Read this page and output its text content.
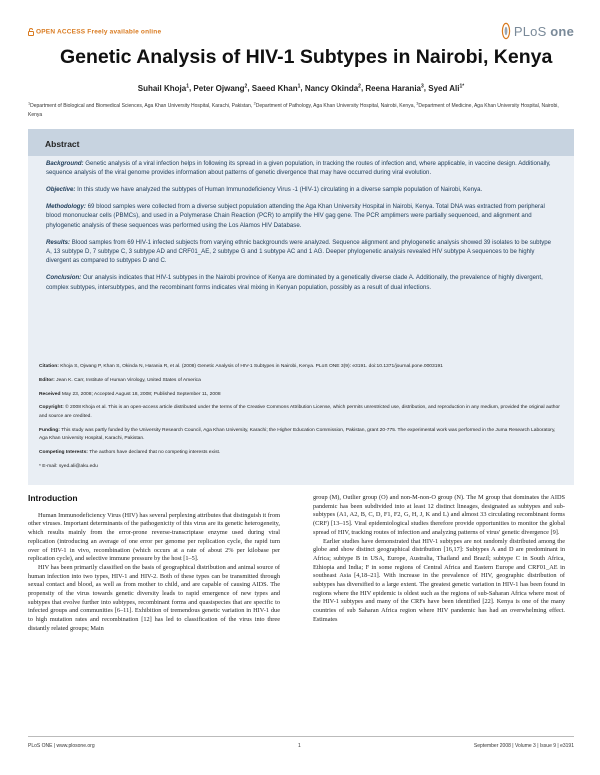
OPEN ACCESS Freely available online	PLoS one
Genetic Analysis of HIV-1 Subtypes in Nairobi, Kenya
Suhail Khoja$^1$, Peter Ojwang$^2$, Saeed Khan$^1$, Nancy Okinda$^2$, Reena Harania$^3$, Syed Ali$^{1*}$
$^1$Department of Biological and Biomedical Sciences, Aga Khan University Hospital, Karachi, Pakistan, $^2$Department of Pathology, Aga Khan University Hospital, Nairobi, Kenya, $^3$Department of Medicine, Aga Khan University Hospital, Nairobi, Kenya
Abstract

Background: Genetic analysis of a viral infection helps in following its spread in a given population, in tracking the routes of infection and, where applicable, in vaccine design. Additionally, sequence analysis of the viral genome provides information about patterns of genetic divergence that may have occurred during viral evolution.

Objective: In this study we have analyzed the subtypes of Human Immunodeficiency Virus -1 (HIV-1) circulating in a diverse sample population of Nairobi, Kenya.

Methodology: 69 blood samples were collected from a diverse subject population attending the Aga Khan University Hospital in Nairobi, Kenya. Total DNA was extracted from peripheral blood mononuclear cells (PBMCs), and used in a Polymerase Chain Reaction (PCR) to amplify the HIV gag gene. The PCR amplimers were partially sequenced, and alignment and phylogenetic analysis of these sequences was performed using the Los Alamos HIV Database.

Results: Blood samples from 69 HIV-1 infected subjects from varying ethnic backgrounds were analyzed. Sequence alignment and phylogenetic analysis showed 39 isolates to be subtype A, 13 subtype D, 7 subtype C, 3 subtype AD and CRF01_AE, 2 subtype G and 1 subtype AC and 1 AG. Deeper phylogenetic analysis revealed HIV subtype A sequences to be highly divergent as compared to subtypes D and C.

Conclusion: Our analysis indicates that HIV-1 subtypes in the Nairobi province of Kenya are dominated by a genetically diverse clade A. Additionally, the prevalence of highly divergent, complex subtypes, intersubtypes, and the recombinant forms indicates viral mixing in Kenyan population, possibly as a result of dual infections.

Citation: Khoja S, Ojwang P, Khan S, Okinda N, Harania R, et al. (2008) Genetic Analysis of HIV-1 Subtypes in Nairobi, Kenya. PLoS ONE 3(9): e3191. doi:10.1371/journal.pone.0003191

Editor: Jean K. Carr, Institute of Human Virology, United States of America

Received May 23, 2008; Accepted August 18, 2008; Published September 11, 2008

Copyright: © 2008 Khoja et al. This is an open-access article distributed under the terms of the Creative Commons Attribution License, which permits unrestricted use, distribution, and reproduction in any medium, provided the original author and source are credited.

Funding: This study was partly funded by the University Research Council, Aga Khan University, Karachi; the Higher Education Commission, Pakistan, grant 20-775. The experimental work was performed in the Juma Research Laboratory, Aga Khan University Hospital, Karachi, Pakistan.

Competing Interests: The authors have declared that no competing interests exist.

* E-mail: syed.ali@aku.edu

Introduction

Human Immunodeficiency Virus (HIV) has several perplexing attributes that distinguish it from other viruses. Important determinants of the pathogenicity of this virus are its genetic heterogeneity, which results mainly from the error-prone reverse-transcriptase enzyme used during viral replication (introducing an average of one error per genome per replication cycle, the rapid turn over of HIV-1 in vivo, recombination (which occurs at a rate of about 2% per kilobase per replication cycle), and selective immune pressure by the host [1–5].

HIV has been primarily classified on the basis of geographical distribution and animal source of human infection into two types, HIV-1 and HIV-2. Both of these types can be transmitted through sexual contact and blood, as well as from mother to child, and are capable of causing AIDS. The propensity of the virus towards genetic diversity leads to rapid emergence of new types and subtypes that evolve further into subtypes, recombinant forms and quasispecies that are specific to infected groups and communities [6–11]. Exhibition of tremendous genetic variation in HIV-1 due to high mutation rates and recombination [12] has led to classification of the virus into three distantly related groups; Main

group (M), Outlier group (O) and non-M-non-O group (N). The M group that dominates the AIDS pandemic has been subdivided into at least 12 distinct lineages, designated as subtypes and sub-subtypes (A1, A2, B, C, D, F1, F2, G, H, J, K and L) and almost 33 circulating recombinant forms (CRF) [13–15]. Viral epidemiological studies therefore provide opportunities to monitor the global spread of HIV, tracking routes of infection and analyzing patterns of virus' genetic divergence [9].

Earlier studies have demonstrated that HIV-1 subtypes are not randomly distributed among the globe and show distinct geographical distribution [16,17]: Subtypes A and D are predominant in Africa; subtype B in USA, Europe, Australia, Thailand and Brazil; subtype C in South Africa, Ethiopia and India; F in some regions of Central Africa and Eastern Europe and CRF01_AE in southeast Asia [4,18–21]. With increase in the prevalence of HIV, geographic distribution of subtypes has diversified to a large extent. The greatest genetic variation in HIV-1 has been found in regions where the HIV epidemic is oldest such as the regions of sub-Saharan Africa where most of the HIV-1 subtypes and many of the CRFs have been identified [22]. Kenya is one of the many countries of sub Saharan Africa region where HIV pandemic has had an overwhelming effect. Estimates

PLoS ONE | www.plosone.org	1	September 2008 | Volume 3 | Issue 9 | e3191
